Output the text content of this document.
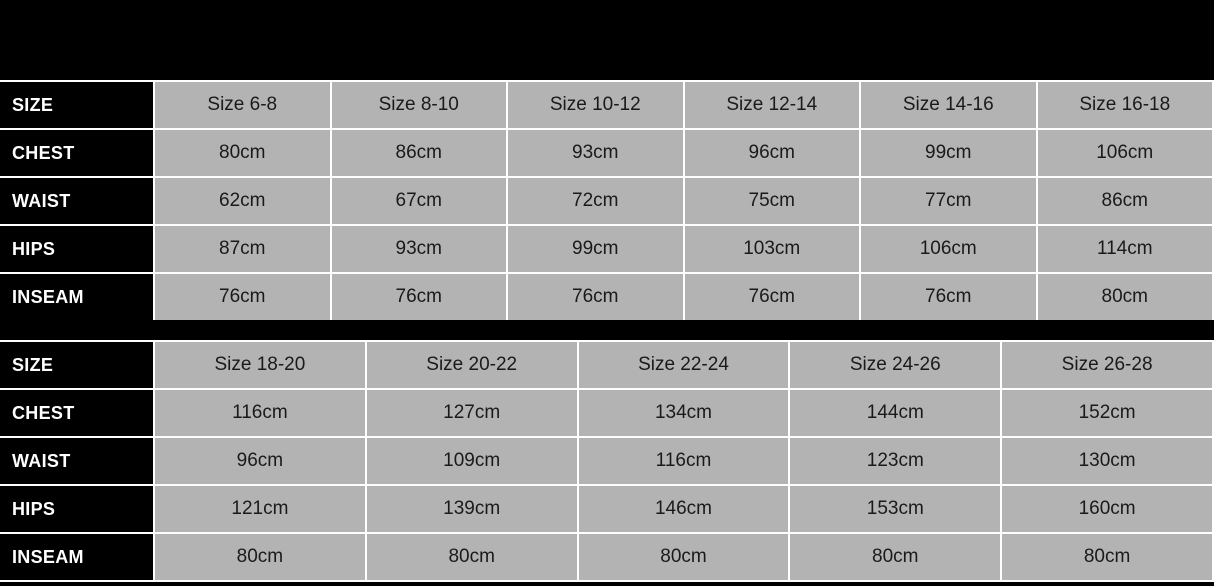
SIZE	Size 6-8	Size 8-10	Size 10-12	Size 12-14	Size 14-16	Size 16-18
CHEST	80cm	86cm	93cm	96cm	99cm	106cm
WAIST	62cm	67cm	72cm	75cm	77cm	86cm
HIPS	87cm	93cm	99cm	103cm	106cm	114cm
INSEAM	76cm	76cm	76cm	76cm	76cm	80cm
SIZE	Size 18-20	Size 20-22	Size 22-24	Size 24-26	Size 26-28
CHEST	116cm	127cm	134cm	144cm	152cm
WAIST	96cm	109cm	116cm	123cm	130cm
HIPS	121cm	139cm	146cm	153cm	160cm
INSEAM	80cm	80cm	80cm	80cm	80cm
